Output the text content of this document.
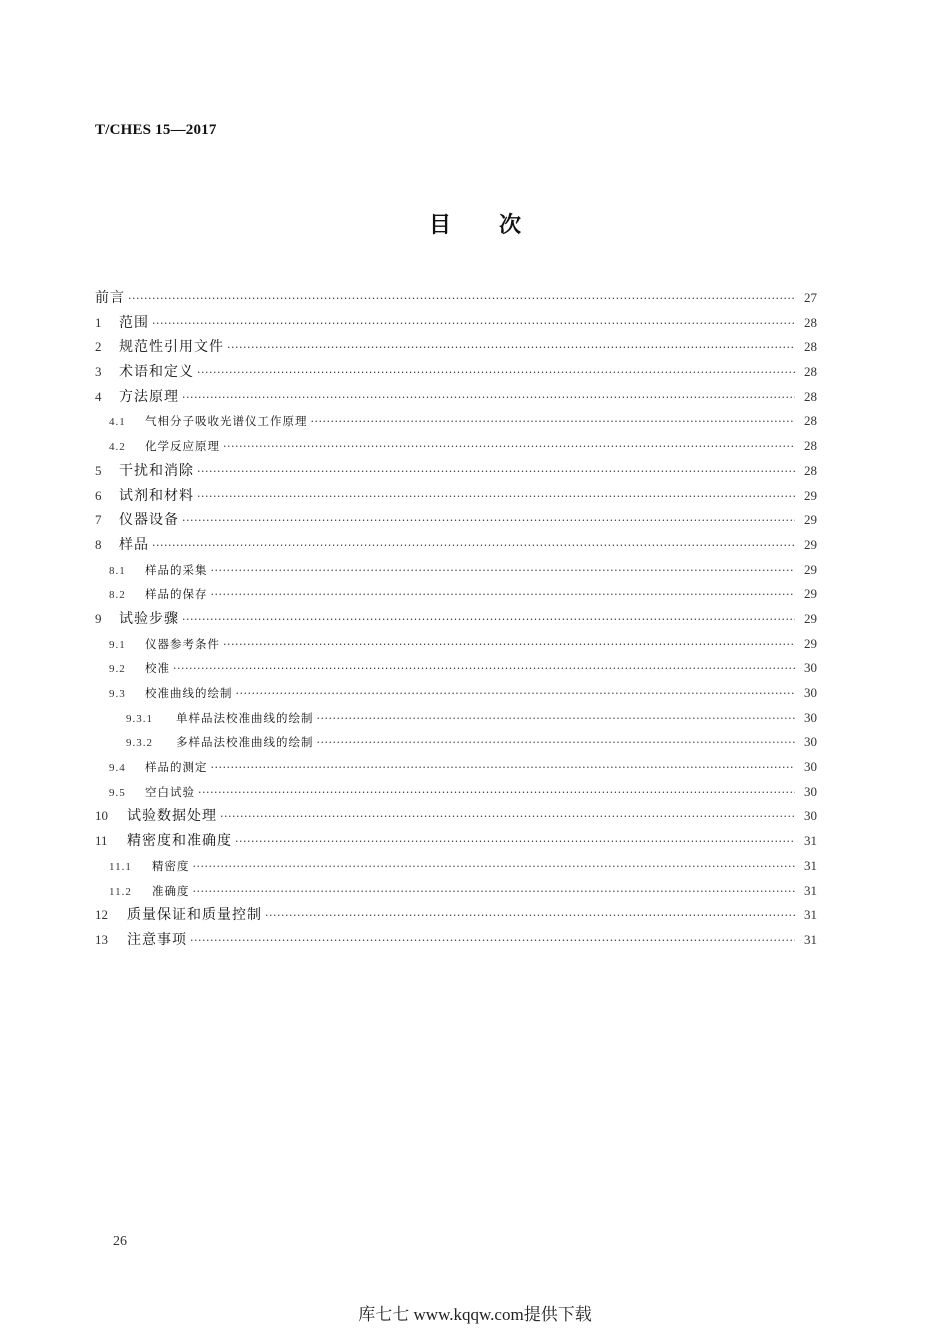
T/CHES 15—2017
目次
前言 ·····	27
1	范围 ·····	28
2	规范性引用文件 ·····	28
3	术语和定义 ·····	28
4	方法原理 ·····	28
4.1	气相分子吸收光谱仪工作原理 ·····	28
4.2	化学反应原理 ·····	28
5	干扰和消除 ·····	28
6	试剂和材料 ·····	29
7	仪器设备 ·····	29
8	样品 ·····	29
8.1	样品的采集 ·····	29
8.2	样品的保存 ·····	29
9	试验步骤 ·····	29
9.1	仪器参考条件 ·····	29
9.2	校准 ·····	30
9.3	校准曲线的绘制 ·····	30
9.3.1	单样品法校准曲线的绘制 ·····	30
9.3.2	多样品法校准曲线的绘制 ·····	30
9.4	样品的测定 ·····	30
9.5	空白试验 ·····	30
10	试验数据处理 ·····	30
11	精密度和准确度 ·····	31
11.1	精密度 ·····	31
11.2	准确度 ·····	31
12	质量保证和质量控制 ·····	31
13	注意事项 ·····	31
26
库七七 www.kqqw.com提供下载
